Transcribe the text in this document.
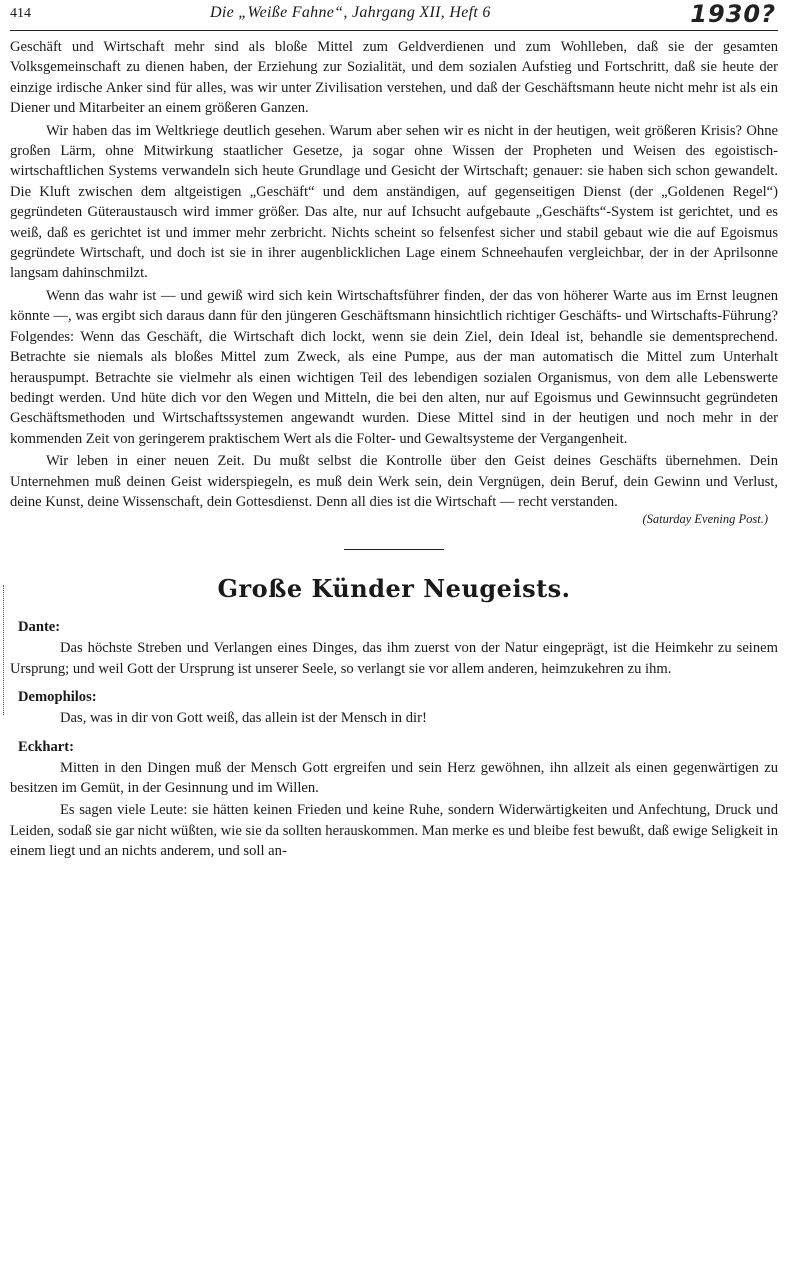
414	Die „Weiße Fahne“, Jahrgang XII, Heft 6	1930?

Geschäft und Wirtschaft mehr sind als bloße Mittel zum Geldverdienen und zum Wohlleben, daß sie der gesamten Volksgemeinschaft zu dienen haben, der Erziehung zur Sozialität, und dem sozialen Aufstieg und Fortschritt, daß sie heute der einzige irdische Anker sind für alles, was wir unter Zivilisation verstehen, und daß der Geschäftsmann heute nicht mehr ist als ein Diener und Mitarbeiter an einem größeren Ganzen.

Wir haben das im Weltkriege deutlich gesehen. Warum aber sehen wir es nicht in der heutigen, weit größeren Krisis? Ohne großen Lärm, ohne Mitwirkung staatlicher Gesetze, ja sogar ohne Wissen der Propheten und Weisen des egoistisch-wirtschaftlichen Systems verwandeln sich heute Grundlage und Gesicht der Wirtschaft; genauer: sie haben sich schon gewandelt. Die Kluft zwischen dem altgeistigen „Geschäft“ und dem anständigen, auf gegenseitigen Dienst (der „Goldenen Regel“) gegründeten Güteraustausch wird immer größer. Das alte, nur auf Ichsucht aufgebaute „Geschäfts“-System ist gerichtet, und es weiß, daß es gerichtet ist und immer mehr zerbricht. Nichts scheint so felsenfest sicher und stabil gebaut wie die auf Egoismus gegründete Wirtschaft, und doch ist sie in ihrer augenblicklichen Lage einem Schneehaufen vergleichbar, der in der Aprilsonne langsam dahinschmilzt.

Wenn das wahr ist — und gewiß wird sich kein Wirtschaftsführer finden, der das von höherer Warte aus im Ernst leugnen könnte —, was ergibt sich daraus dann für den jüngeren Geschäftsmann hinsichtlich richtiger Geschäfts- und Wirtschafts-Führung? Folgendes: Wenn das Geschäft, die Wirtschaft dich lockt, wenn sie dein Ziel, dein Ideal ist, behandle sie dementsprechend. Betrachte sie niemals als bloßes Mittel zum Zweck, als eine Pumpe, aus der man automatisch die Mittel zum Unterhalt herauspumpt. Betrachte sie vielmehr als einen wichtigen Teil des lebendigen sozialen Organismus, von dem alle Lebenswerte bedingt werden. Und hüte dich vor den Wegen und Mitteln, die bei den alten, nur auf Egoismus und Gewinnsucht gegründeten Geschäftsmethoden und Wirtschaftssystemen angewandt wurden. Diese Mittel sind in der heutigen und noch mehr in der kommenden Zeit von geringerem praktischem Wert als die Folter- und Gewaltsysteme der Vergangenheit.

Wir leben in einer neuen Zeit. Du mußt selbst die Kontrolle über den Geist deines Geschäfts übernehmen. Dein Unternehmen muß deinen Geist widerspiegeln, es muß dein Werk sein, dein Vergnügen, dein Beruf, dein Gewinn und Verlust, deine Kunst, deine Wissenschaft, dein Gottesdienst. Denn all dies ist die Wirtschaft — recht verstanden.

(Saturday Evening Post.)
Große Künder Neugeists.
Dante:

Das höchste Streben und Verlangen eines Dinges, das ihm zuerst von der Natur eingeprägt, ist die Heimkehr zu seinem Ursprung; und weil Gott der Ursprung ist unserer Seele, so verlangt sie vor allem anderen, heimzukehren zu ihm.

Demophilos:

Das, was in dir von Gott weiß, das allein ist der Mensch in dir!

Eckhart:

Mitten in den Dingen muß der Mensch Gott ergreifen und sein Herz gewöhnen, ihn allzeit als einen gegenwärtigen zu besitzen im Gemüt, in der Gesinnung und im Willen.

Es sagen viele Leute: sie hätten keinen Frieden und keine Ruhe, sondern Widerwärtigkeiten und Anfechtung, Druck und Leiden, sodaß sie gar nicht wüßten, wie sie da sollten herauskommen. Man merke es und bleibe fest bewußt, daß ewige Seligkeit in einem liegt und an nichts anderem, und soll an-
